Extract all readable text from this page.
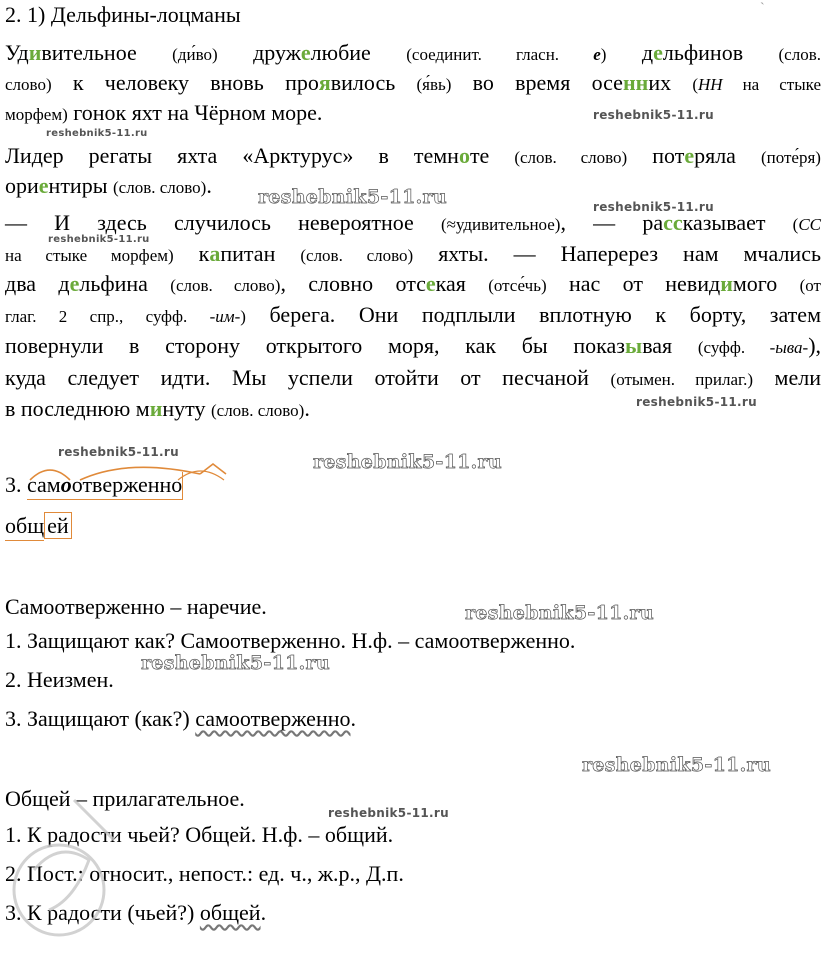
2. 1) Дельфины-лоцманы	`
Удивительное (ди́во) дружелюбие (соединит. гласн. е) дельфинов (слов.
слово) к человеку вновь проявилось (я́вь) во время осенних (НН на стыке
морфем) гонок яхт на Чёрном море.
Лидер регаты яхта «Арктурус» в темноте (слов. слово) потеряла (поте́ря)
ориентиры (слов. слово).
— И здесь случилось невероятное (≈удивительное), — рассказывает (СС
на стыке морфем) капитан (слов. слово) яхты. — Наперерез нам мчались
два дельфина (слов. слово), словно отсекая (отсе́чь) нас от невидимого (от
глаг. 2 спр., суфф. -им-) берега. Они подплыли вплотную к борту, затем
повернули в сторону открытого моря, как бы показывая (суфф. -ыва-),
куда следует идти. Мы успели отойти от песчаной (отымен. прилаг.) мели
в последнюю минуту (слов. слово).
3. самоотверженно
общ ей
Самоотверженно – наречие.
1. Защищают как? Самоотверженно. Н.ф. – самоотверженно.
2. Неизмен.
3. Защищают (как?) самоотверженно.
Общей – прилагательное.
1. К радости чьей? Общей. Н.ф. – общий.
2. Пост.: относит., непост.: ед. ч., ж.р., Д.п.
3. К радости (чьей?) общей.
reshebnik5-11.ru
reshebnik5-11.ru
reshebnik5-11.ru	reshebnik5-11.ru
reshebnik5-11.ru
reshebnik5-11.ru
reshebnik5-11.ru	reshebnik5-11.ru
reshebnik5-11.ru
reshebnik5-11.ru
reshebnik5-11.ru
reshebnik5-11.ru
